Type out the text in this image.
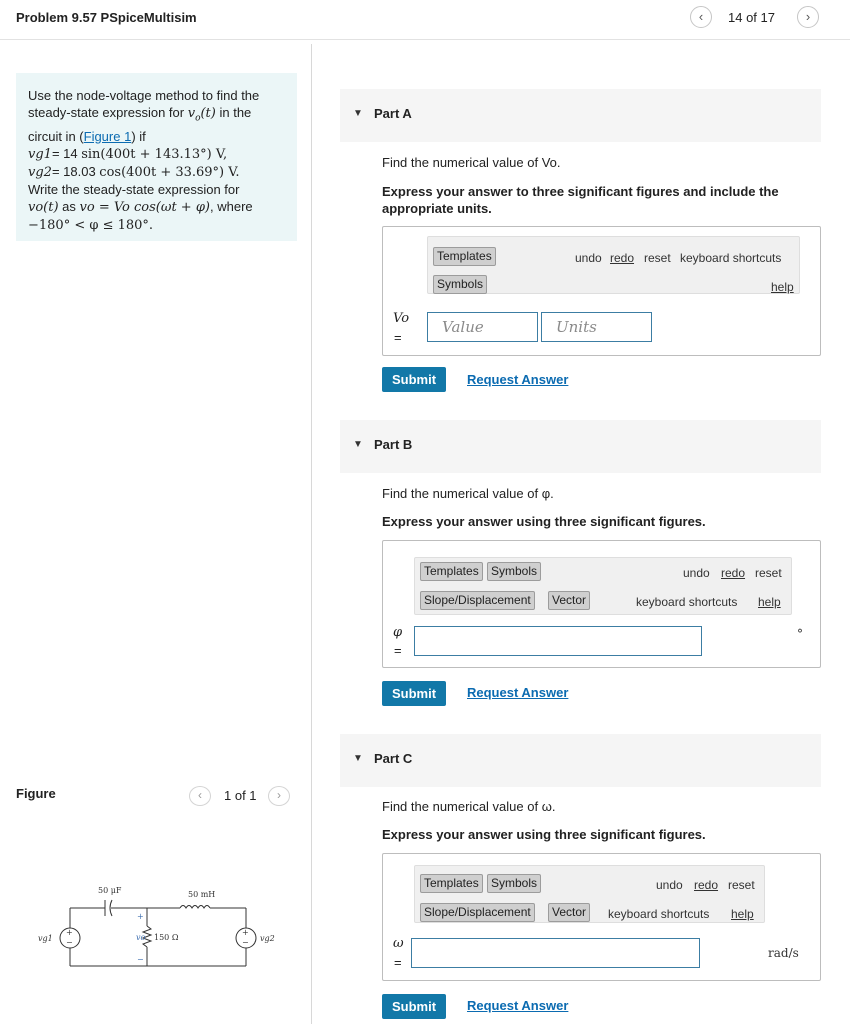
Problem 9.57 PSpiceMultisim	‹	14 of 17	›

Use the node-voltage method to find the

steady-state expression for $v_o(t)$ in the

circuit in (Figure 1) if

vg1= 14 sin(400t + 143.13°) V,

vg2= 18.03 cos(400t + 33.69°) V.

Write the steady-state expression for

vo(t) as vo = Vo cos(ωt + φ), where

−180° < φ ≤ 180°.

Figure	‹	1 of 1	›
+
−
+
−
50 μF	50 mH
150 Ω
vo
+
−
vg1	vg2
▼ Part A
Find the numerical value of Vo.
Express your answer to three significant figures and include the appropriate units.
Templates
Symbols
undo redo reset keyboard shortcuts
help
Vo
=
Value	Units
Submit	Request Answer
▼ Part B
Find the numerical value of φ.
Express your answer using three significant figures.
Templates	Symbols
Slope/Displacement	Vector
undo redo reset
keyboard shortcuts help
φ
=
°
Submit	Request Answer
▼ Part C
Find the numerical value of ω.
Express your answer using three significant figures.
Templates	Symbols
Slope/Displacement	Vector
undo redo reset
keyboard shortcuts help
ω
=
rad/s
Submit	Request Answer
